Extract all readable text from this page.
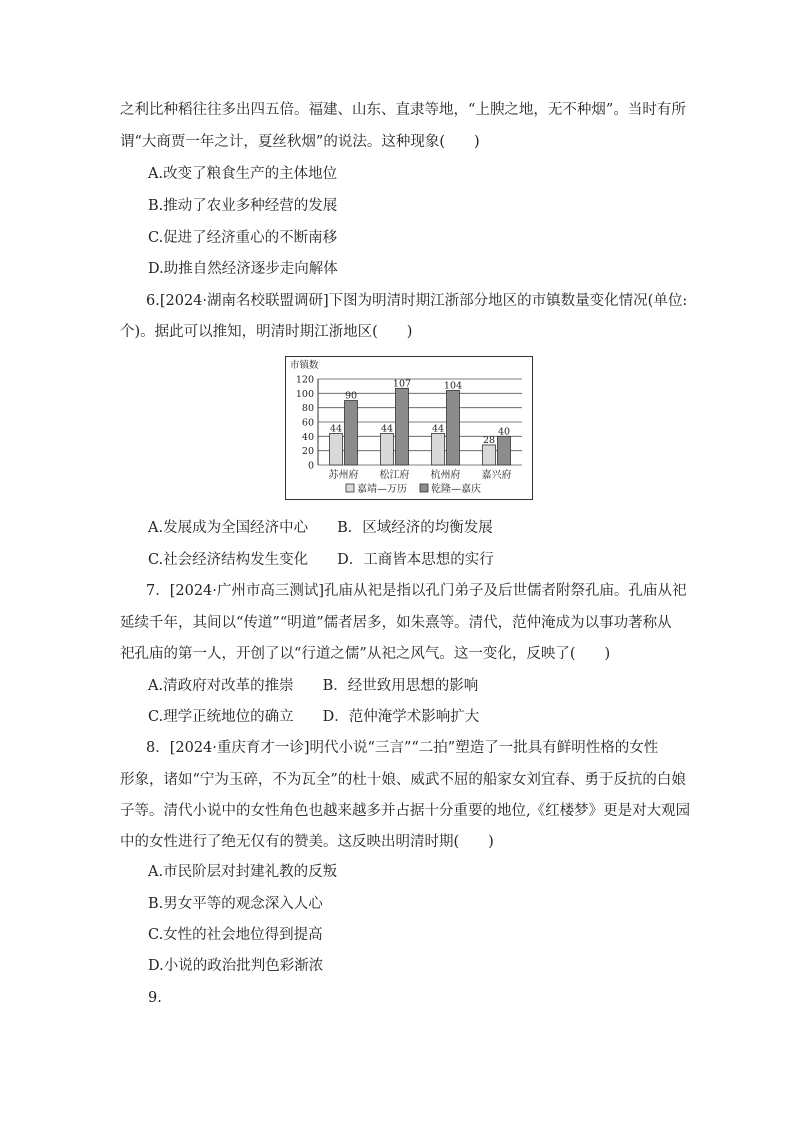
之利比种稻往往多出四五倍。福建、山东、直隶等地，“上腴之地，无不种烟”。当时有所
谓“大商贾一年之计，夏丝秋烟”的说法。这种现象(　　)
A.改变了粮食生产的主体地位
B.推动了农业多种经营的发展
C.促进了经济重心的不断南移
D.助推自然经济逐步走向解体
6.[2024·湖南名校联盟调研]下图为明清时期江浙部分地区的市镇数量变化情况(单位:
个)。据此可以推知，明清时期江浙地区(　　)
市镇数
0
20
40
60
80
100
120
44
90
苏州府
44
107
松江府
44
104
杭州府
28
40
嘉兴府
嘉靖—万历 乾隆—嘉庆
A.发展成为全国经济中心　　B．区域经济的均衡发展
C.社会经济结构发生变化　　D．工商皆本思想的实行
7．[2024·广州市高三测试]孔庙从祀是指以孔门弟子及后世儒者附祭孔庙。孔庙从祀
延续千年，其间以“传道”“明道”儒者居多，如朱熹等。清代，范仲淹成为以事功著称从
祀孔庙的第一人，开创了以“行道之儒”从祀之风气。这一变化，反映了(　　)
A.清政府对改革的推崇　　B．经世致用思想的影响
C.理学正统地位的确立　　D．范仲淹学术影响扩大
8．[2024·重庆育才一诊]明代小说“三言”“二拍”塑造了一批具有鲜明性格的女性
形象，诸如“宁为玉碎，不为瓦全”的杜十娘、威武不屈的船家女刘宜春、勇于反抗的白娘
子等。清代小说中的女性角色也越来越多并占据十分重要的地位,《红楼梦》更是对大观园
中的女性进行了绝无仅有的赞美。这反映出明清时期(　　)
A.市民阶层对封建礼教的反叛
B.男女平等的观念深入人心
C.女性的社会地位得到提高
D.小说的政治批判色彩渐浓
9.
